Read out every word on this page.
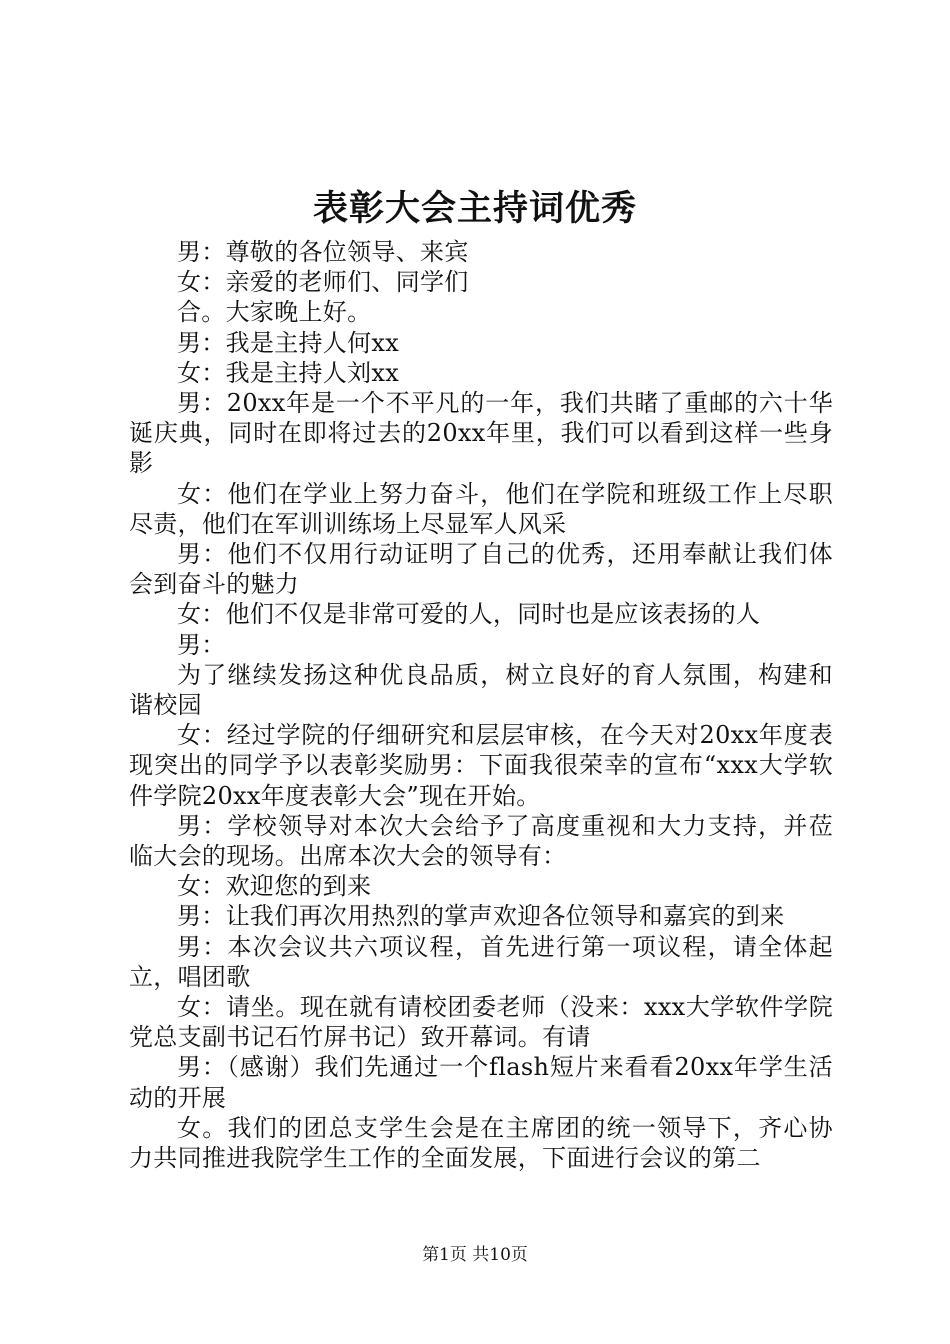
表彰大会主持词优秀

男：尊敬的各位领导、来宾

女：亲爱的老师们、同学们

合。大家晚上好。

男：我是主持人何xx

女：我是主持人刘xx

男：20xx年是一个不平凡的一年，我们共睹了重邮的六十华诞庆典，同时在即将过去的20xx年里，我们可以看到这样一些身影

女：他们在学业上努力奋斗，他们在学院和班级工作上尽职尽责，他们在军训训练场上尽显军人风采

男：他们不仅用行动证明了自己的优秀，还用奉献让我们体会到奋斗的魅力

女：他们不仅是非常可爱的人，同时也是应该表扬的人

男：

为了继续发扬这种优良品质，树立良好的育人氛围，构建和谐校园

女：经过学院的仔细研究和层层审核，在今天对20xx年度表现突出的同学予以表彰奖励男：下面我很荣幸的宣布“xxx大学软件学院20xx年度表彰大会”现在开始。

男：学校领导对本次大会给予了高度重视和大力支持，并莅临大会的现场。出席本次大会的领导有：

女：欢迎您的到来

男：让我们再次用热烈的掌声欢迎各位领导和嘉宾的到来

男：本次会议共六项议程，首先进行第一项议程，请全体起立，唱团歌

女：请坐。现在就有请校团委老师（没来：xxx大学软件学院党总支副书记石竹屏书记）致开幕词。有请

男：（感谢）我们先通过一个flash短片来看看20xx年学生活动的开展

女。我们的团总支学生会是在主席团的统一领导下，齐心协力共同推进我院学生工作的全面发展，下面进行会议的第二

第1页 共10页
